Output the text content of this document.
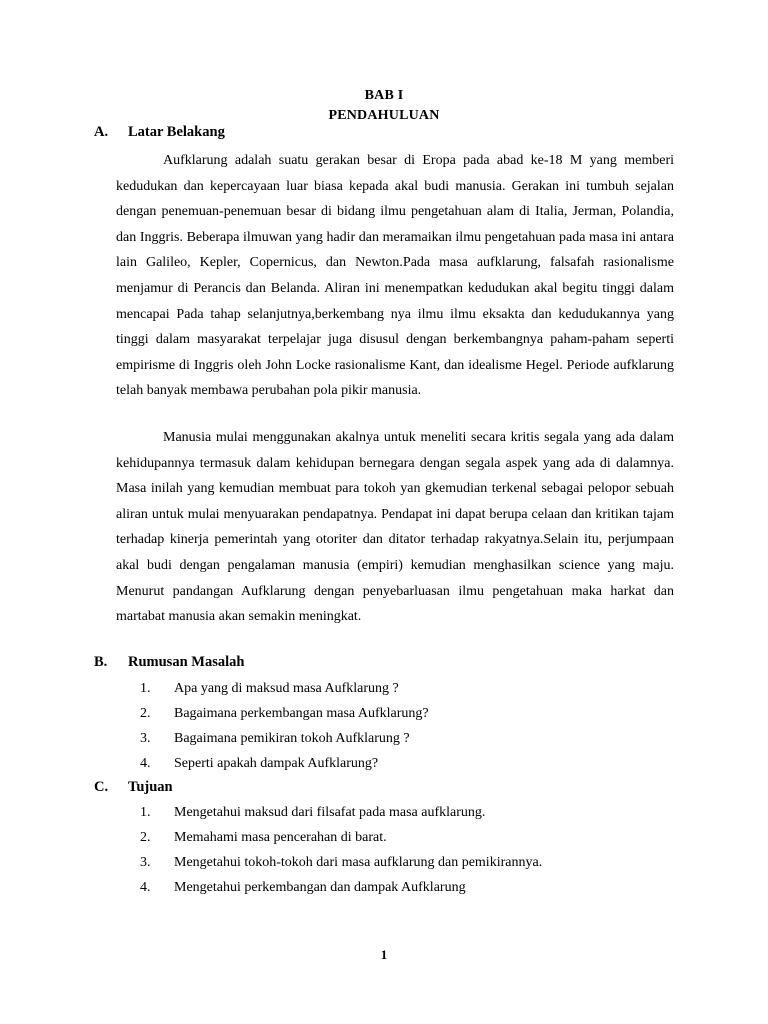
BAB I
PENDAHULUAN
A. Latar Belakang

Aufklarung adalah suatu gerakan besar di Eropa pada abad ke-18 M yang memberi kedudukan dan kepercayaan luar biasa kepada akal budi manusia. Gerakan ini tumbuh sejalan dengan penemuan-penemuan besar di bidang ilmu pengetahuan alam di Italia, Jerman, Polandia, dan Inggris. Beberapa ilmuwan yang hadir dan meramaikan ilmu pengetahuan pada masa ini antara lain Galileo, Kepler, Copernicus, dan Newton.Pada masa aufklarung, falsafah rasionalisme menjamur di Perancis dan Belanda. Aliran ini menempatkan kedudukan akal begitu tinggi dalam mencapai Pada tahap selanjutnya,berkembang nya ilmu ilmu eksakta dan kedudukannya yang tinggi dalam masyarakat terpelajar juga disusul dengan berkembangnya paham-paham seperti empirisme di Inggris oleh John Locke rasionalisme Kant, dan idealisme Hegel. Periode aufklarung telah banyak membawa perubahan pola pikir manusia.

Manusia mulai menggunakan akalnya untuk meneliti secara kritis segala yang ada dalam kehidupannya termasuk dalam kehidupan bernegara dengan segala aspek yang ada di dalamnya. Masa inilah yang kemudian membuat para tokoh yan gkemudian terkenal sebagai pelopor sebuah aliran untuk mulai menyuarakan pendapatnya. Pendapat ini dapat berupa celaan dan kritikan tajam terhadap kinerja pemerintah yang otoriter dan ditator terhadap rakyatnya.Selain itu, perjumpaan akal budi dengan pengalaman manusia (empiri) kemudian menghasilkan science yang maju. Menurut pandangan Aufklarung dengan penyebarluasan ilmu pengetahuan maka harkat dan martabat manusia akan semakin meningkat.

B. Rumusan Masalah
1. Apa yang di maksud masa Aufklarung ?
2. Bagaimana perkembangan masa Aufklarung?
3. Bagaimana pemikiran tokoh Aufklarung ?
4. Seperti apakah dampak Aufklarung?
C. Tujuan
1. Mengetahui maksud dari filsafat pada masa aufklarung.
2. Memahami masa pencerahan di barat.
3. Mengetahui tokoh-tokoh dari masa aufklarung dan pemikirannya.
4. Mengetahui perkembangan dan dampak Aufklarung
1
